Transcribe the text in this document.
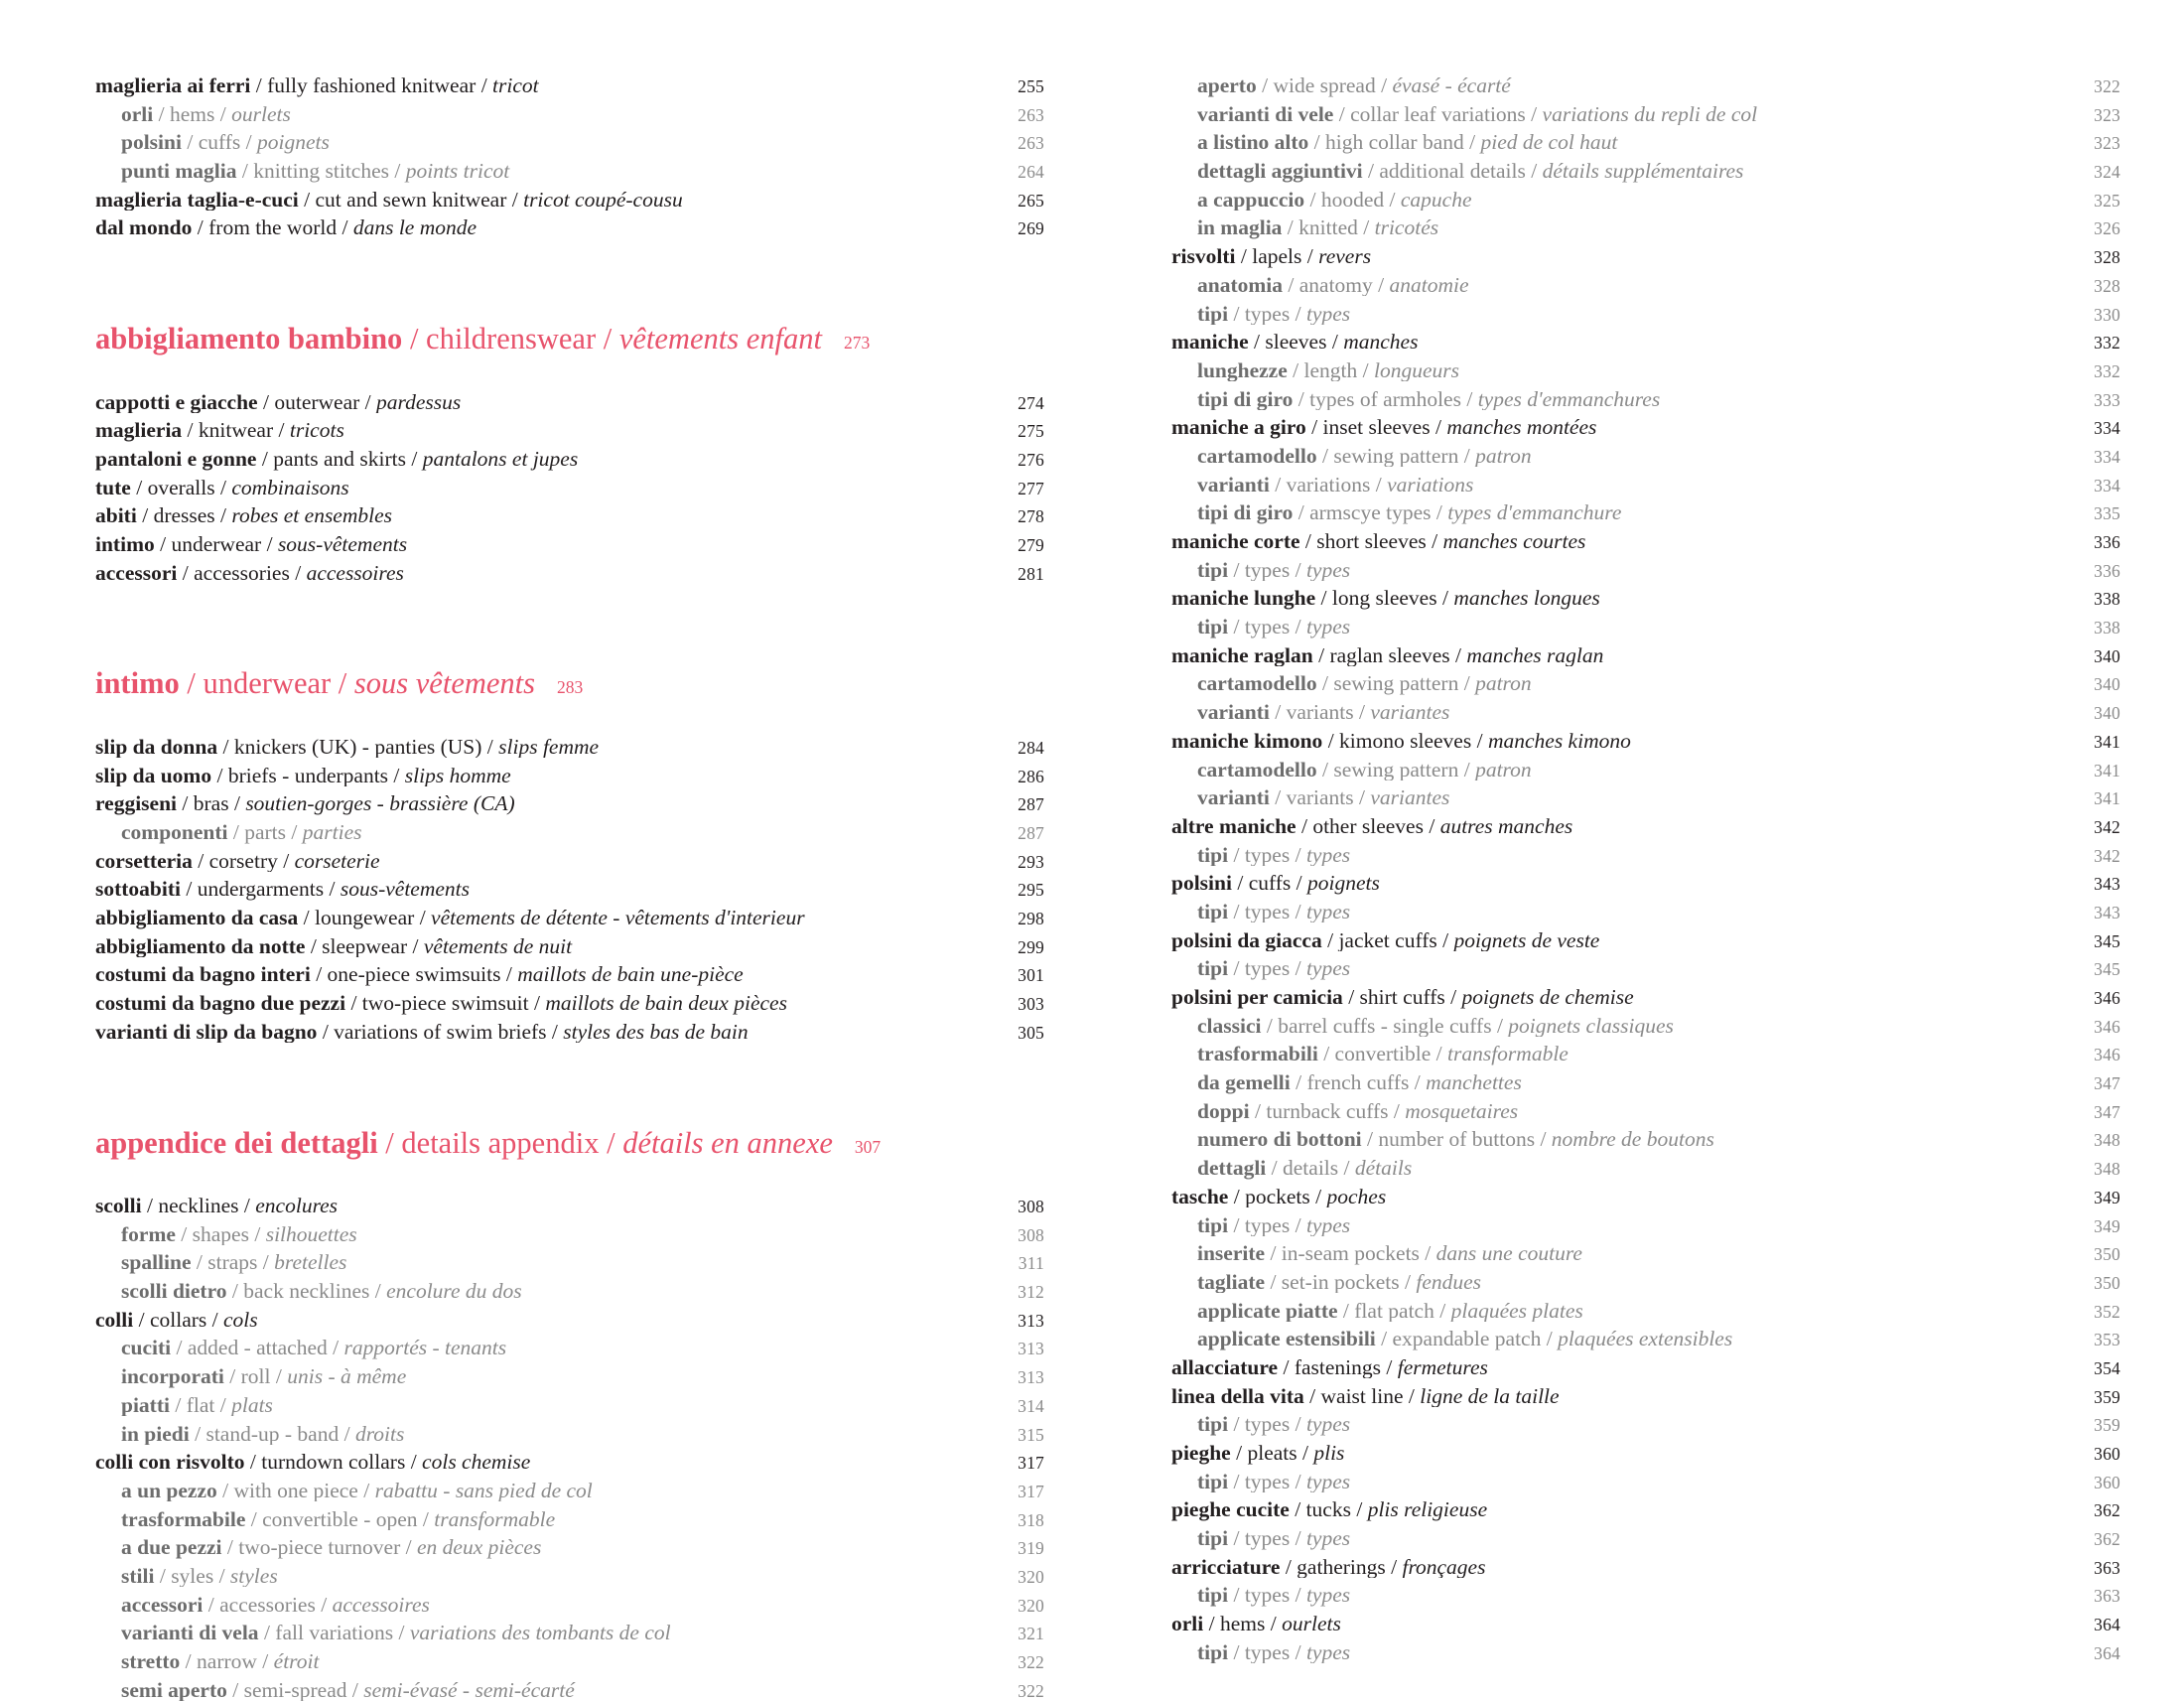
maglieria ai ferri / fully fashioned knitwear / tricot	255
orli / hems / ourlets	263
polsini / cuffs / poignets	263
punti maglia / knitting stitches / points tricot	264
maglieria taglia-e-cuci / cut and sewn knitwear / tricot coupé-cousu	265
dal mondo / from the world / dans le monde	269
abbigliamento bambino / childrenswear / vêtements enfant 273
cappotti e giacche / outerwear / pardessus	274
maglieria / knitwear / tricots	275
pantaloni e gonne / pants and skirts / pantalons et jupes	276
tute / overalls / combinaisons	277
abiti / dresses / robes et ensembles	278
intimo / underwear / sous-vêtements	279
accessori / accessories / accessoires	281
intimo / underwear / sous vêtements 283
slip da donna / knickers (UK) - panties (US) / slips femme	284
slip da uomo / briefs - underpants / slips homme	286
reggiseni / bras / soutien-gorges - brassière (CA)	287
componenti / parts / parties	287
corsetteria / corsetry / corseterie	293
sottoabiti / undergarments / sous-vêtements	295
abbigliamento da casa / loungewear / vêtements de détente - vêtements d'interieur	298
abbigliamento da notte / sleepwear / vêtements de nuit	299
costumi da bagno interi / one-piece swimsuits / maillots de bain une-pièce	301
costumi da bagno due pezzi / two-piece swimsuit / maillots de bain deux pièces	303
varianti di slip da bagno / variations of swim briefs / styles des bas de bain	305
appendice dei dettagli / details appendix / détails en annexe 307
scolli / necklines / encolures	308
forme / shapes / silhouettes	308
spalline / straps / bretelles	311
scolli dietro / back necklines / encolure du dos	312
colli / collars / cols	313
cuciti / added - attached / rapportés - tenants	313
incorporati / roll / unis - à même	313
piatti / flat / plats	314
in piedi / stand-up - band / droits	315
colli con risvolto / turndown collars / cols chemise	317
a un pezzo / with one piece / rabattu - sans pied de col	317
trasformabile / convertible - open / transformable	318
a due pezzi / two-piece turnover / en deux pièces	319
stili / syles / styles	320
accessori / accessories / accessoires	320
varianti di vela / fall variations / variations des tombants de col	321
stretto / narrow / étroit	322
semi aperto / semi-spread / semi-évasé - semi-écarté	322
aperto / wide spread / évasé - écarté	322
varianti di vele / collar leaf variations / variations du repli de col	323
a listino alto / high collar band / pied de col haut	323
dettagli aggiuntivi / additional details / détails supplémentaires	324
a cappuccio / hooded / capuche	325
in maglia / knitted / tricotés	326
risvolti / lapels / revers	328
anatomia / anatomy / anatomie	328
tipi / types / types	330
maniche / sleeves / manches	332
lunghezze / length / longueurs	332
tipi di giro / types of armholes / types d'emmanchures	333
maniche a giro / inset sleeves / manches montées	334
cartamodello / sewing pattern / patron	334
varianti / variations / variations	334
tipi di giro / armscye types / types d'emmanchure	335
maniche corte / short sleeves / manches courtes	336
tipi / types / types	336
maniche lunghe / long sleeves / manches longues	338
tipi / types / types	338
maniche raglan / raglan sleeves / manches raglan	340
cartamodello / sewing pattern / patron	340
varianti / variants / variantes	340
maniche kimono / kimono sleeves / manches kimono	341
cartamodello / sewing pattern / patron	341
varianti / variants / variantes	341
altre maniche / other sleeves / autres manches	342
tipi / types / types	342
polsini / cuffs / poignets	343
tipi / types / types	343
polsini da giacca / jacket cuffs / poignets de veste	345
tipi / types / types	345
polsini per camicia / shirt cuffs / poignets de chemise	346
classici / barrel cuffs - single cuffs / poignets classiques	346
trasformabili / convertible / transformable	346
da gemelli / french cuffs / manchettes	347
doppi / turnback cuffs / mosquetaires	347
numero di bottoni / number of buttons / nombre de boutons	348
dettagli / details / détails	348
tasche / pockets / poches	349
tipi / types / types	349
inserite / in-seam pockets / dans une couture	350
tagliate / set-in pockets / fendues	350
applicate piatte / flat patch / plaquées plates	352
applicate estensibili / expandable patch / plaquées extensibles	353
allacciature / fastenings / fermetures	354
linea della vita / waist line / ligne de la taille	359
tipi / types / types	359
pieghe / pleats / plis	360
tipi / types / types	360
pieghe cucite / tucks / plis religieuse	362
tipi / types / types	362
arricciature / gatherings / fronçages	363
tipi / types / types	363
orli / hems / ourlets	364
tipi / types / types	364
